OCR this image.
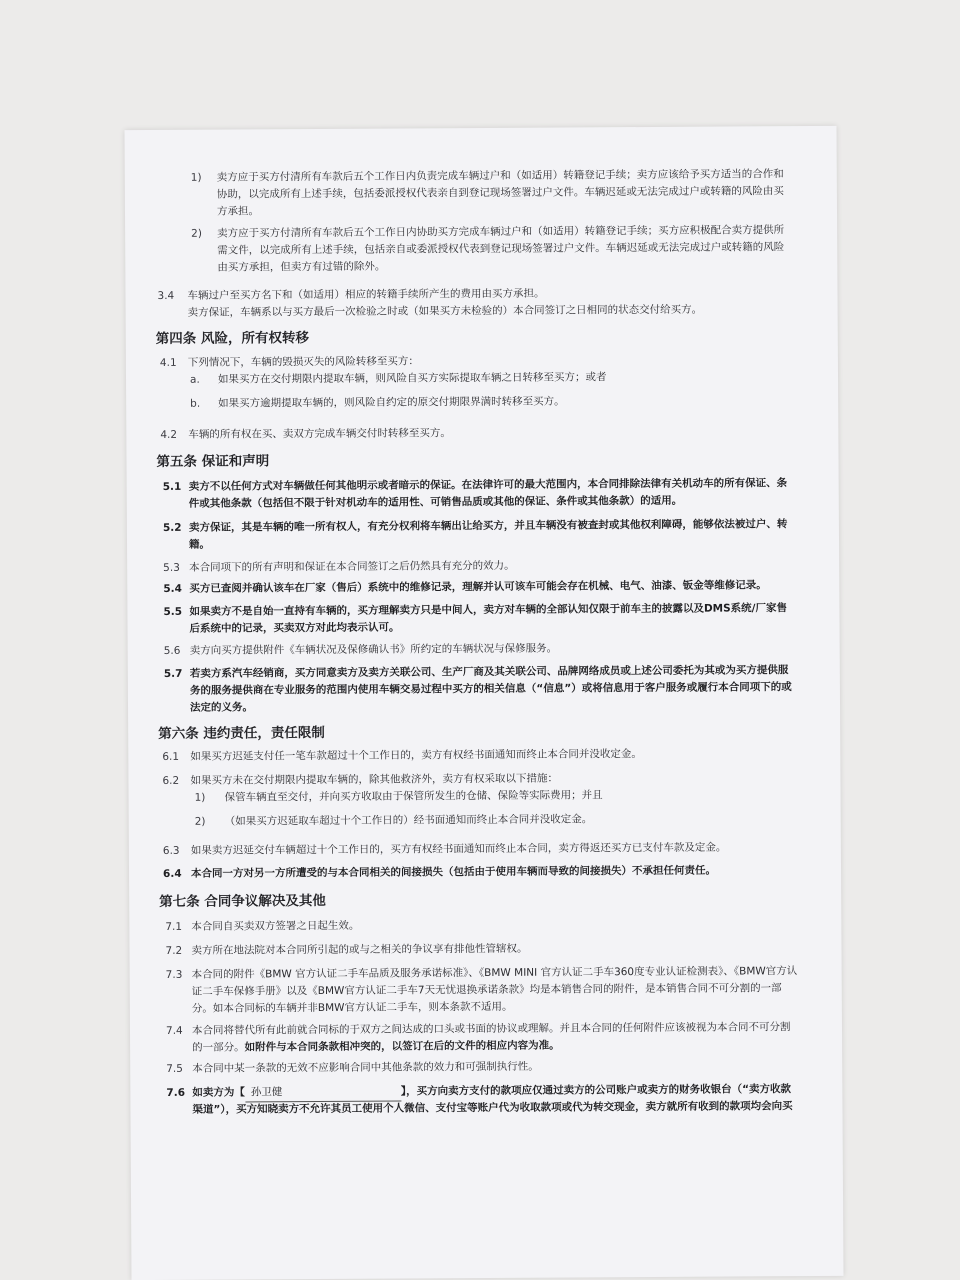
1) 卖方应于买方付清所有车款后五个工作日内负责完成车辆过户和（如适用）转籍登记手续；卖方应该给予买方适当的合作和
协助，以完成所有上述手续，包括委派授权代表亲自到登记现场签署过户文件。车辆迟延或无法完成过户或转籍的风险由买
方承担。
2) 卖方应于买方付清所有车款后五个工作日内协助买方完成车辆过户和（如适用）转籍登记手续；买方应积极配合卖方提供所
需文件，以完成所有上述手续，包括亲自或委派授权代表到登记现场签署过户文件。车辆迟延或无法完成过户或转籍的风险
由买方承担，但卖方有过错的除外。
3.4 车辆过户至买方名下和（如适用）相应的转籍手续所产生的费用由买方承担。
卖方保证，车辆系以与买方最后一次检验之时或（如果买方未检验的）本合同签订之日相同的状态交付给买方。
第四条 风险，所有权转移
4.1 下列情况下，车辆的毁损灭失的风险转移至买方：
a. 如果买方在交付期限内提取车辆，则风险自买方实际提取车辆之日转移至买方；或者
b. 如果买方逾期提取车辆的，则风险自约定的原交付期限界满时转移至买方。
4.2 车辆的所有权在买、卖双方完成车辆交付时转移至买方。
第五条 保证和声明
5.1 卖方不以任何方式对车辆做任何其他明示或者暗示的保证。在法律许可的最大范围内，本合同排除法律有关机动车的所有保证、条
件或其他条款（包括但不限于针对机动车的适用性、可销售品质或其他的保证、条件或其他条款）的适用。
5.2 卖方保证，其是车辆的唯一所有权人，有充分权利将车辆出让给买方，并且车辆没有被查封或其他权利障碍，能够依法被过户、转
籍。
5.3 本合同项下的所有声明和保证在本合同签订之后仍然具有充分的效力。
5.4 买方已查阅并确认该车在厂家（售后）系统中的维修记录，理解并认可该车可能会存在机械、电气、油漆、钣金等维修记录。
5.5 如果卖方不是自始一直持有车辆的，买方理解卖方只是中间人，卖方对车辆的全部认知仅限于前车主的披露以及DMS系统/厂家售
后系统中的记录，买卖双方对此均表示认可。
5.6 卖方向买方提供附件《车辆状况及保修确认书》所约定的车辆状况与保修服务。
5.7 若卖方系汽车经销商，买方同意卖方及卖方关联公司、生产厂商及其关联公司、品牌网络成员或上述公司委托为其或为买方提供服
务的服务提供商在专业服务的范围内使用车辆交易过程中买方的相关信息（“信息”）或将信息用于客户服务或履行本合同项下的或
法定的义务。
第六条 违约责任，责任限制
6.1 如果买方迟延支付任一笔车款超过十个工作日的，卖方有权经书面通知而终止本合同并没收定金。
6.2 如果买方未在交付期限内提取车辆的，除其他救济外，卖方有权采取以下措施：
1) 保管车辆直至交付，并向买方收取由于保管所发生的仓储、保险等实际费用；并且
2) （如果买方迟延取车超过十个工作日的）经书面通知而终止本合同并没收定金。
6.3 如果卖方迟延交付车辆超过十个工作日的，买方有权经书面通知而终止本合同，卖方得返还买方已支付车款及定金。
6.4 本合同一方对另一方所遭受的与本合同相关的间接损失（包括由于使用车辆而导致的间接损失）不承担任何责任。
第七条 合同争议解决及其他
7.1 本合同自买卖双方签署之日起生效。
7.2 卖方所在地法院对本合同所引起的或与之相关的争议享有排他性管辖权。
7.3 本合同的附件《BMW 官方认证二手车品质及服务承诺标准》、《BMW MINI 官方认证二手车360度专业认证检测表》、《BMW官方认
证二手车保修手册》以及《BMW官方认证二手车7天无忧退换承诺条款》均是本销售合同的附件，是本销售合同不可分割的一部
分。如本合同标的车辆并非BMW官方认证二手车，则本条款不适用。
7.4 本合同将替代所有此前就合同标的于双方之间达成的口头或书面的协议或理解。并且本合同的任何附件应该被视为本合同不可分割
的一部分。如附件与本合同条款相冲突的，以签订在后的文件的相应内容为准。
7.5 本合同中某一条款的无效不应影响合同中其他条款的效力和可强制执行性。
7.6 如卖方为【 孙卫健	】，买方向卖方支付的款项应仅通过卖方的公司账户或卖方的财务收银台（“卖方收款
渠道”），买方知晓卖方不允许其员工使用个人微信、支付宝等账户代为收取款项或代为转交现金，卖方就所有收到的款项均会向买
